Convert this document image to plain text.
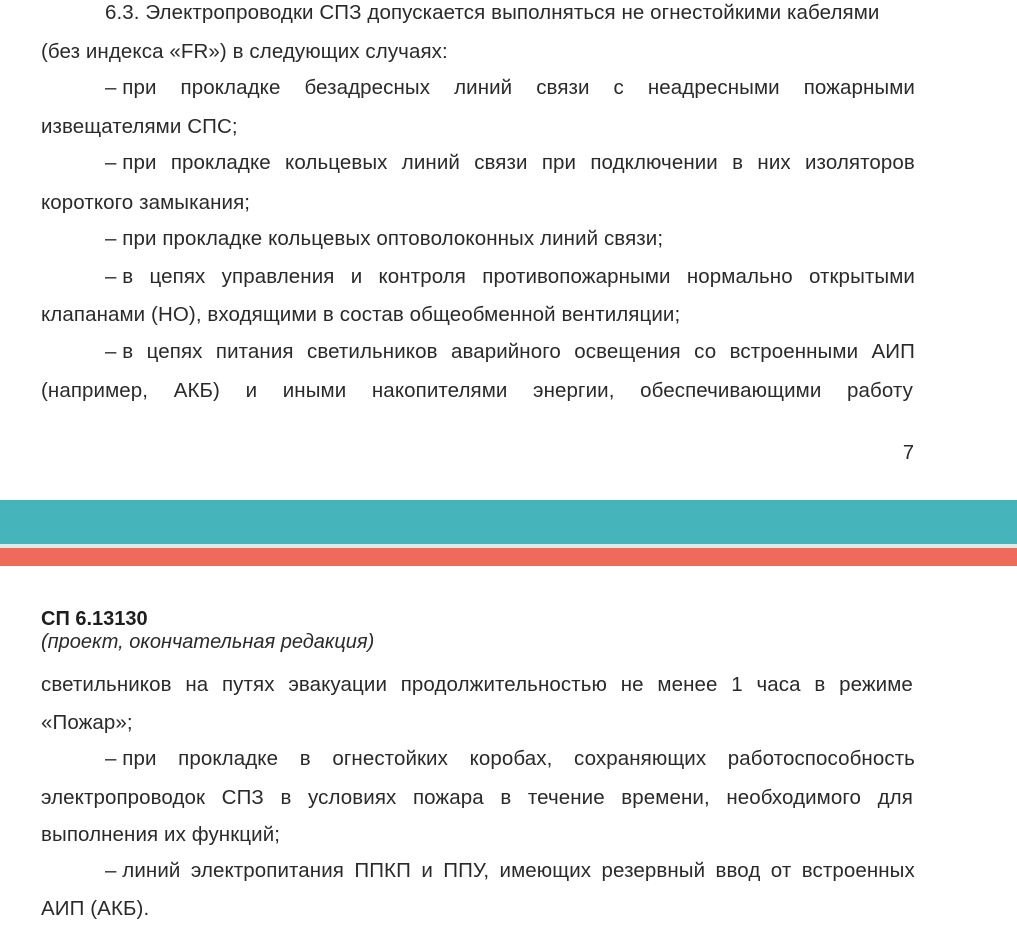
6.3. Электропроводки СПЗ допускается выполняться не огнестойкими кабелями
(без индекса «FR») в следующих случаях:
– при прокладке безадресных линий связи с неадресными пожарными
извещателями СПС;
– при прокладке кольцевых линий связи при подключении в них изоляторов
короткого замыкания;
– при прокладке кольцевых оптоволоконных линий связи;
– в цепях управления и контроля противопожарными нормально открытыми
клапанами (НО), входящими в состав общеобменной вентиляции;
– в цепях питания светильников аварийного освещения со встроенными АИП
(например, АКБ) и иными накопителями энергии, обеспечивающими работу
7
СП 6.13130
(проект, окончательная редакция)
светильников на путях эвакуации продолжительностью не менее 1 часа в режиме
«Пожар»;
– при прокладке в огнестойких коробах, сохраняющих работоспособность
электропроводок СПЗ в условиях пожара в течение времени, необходимого для
выполнения их функций;
– линий электропитания ППКП и ППУ, имеющих резервный ввод от встроенных
АИП (АКБ).
